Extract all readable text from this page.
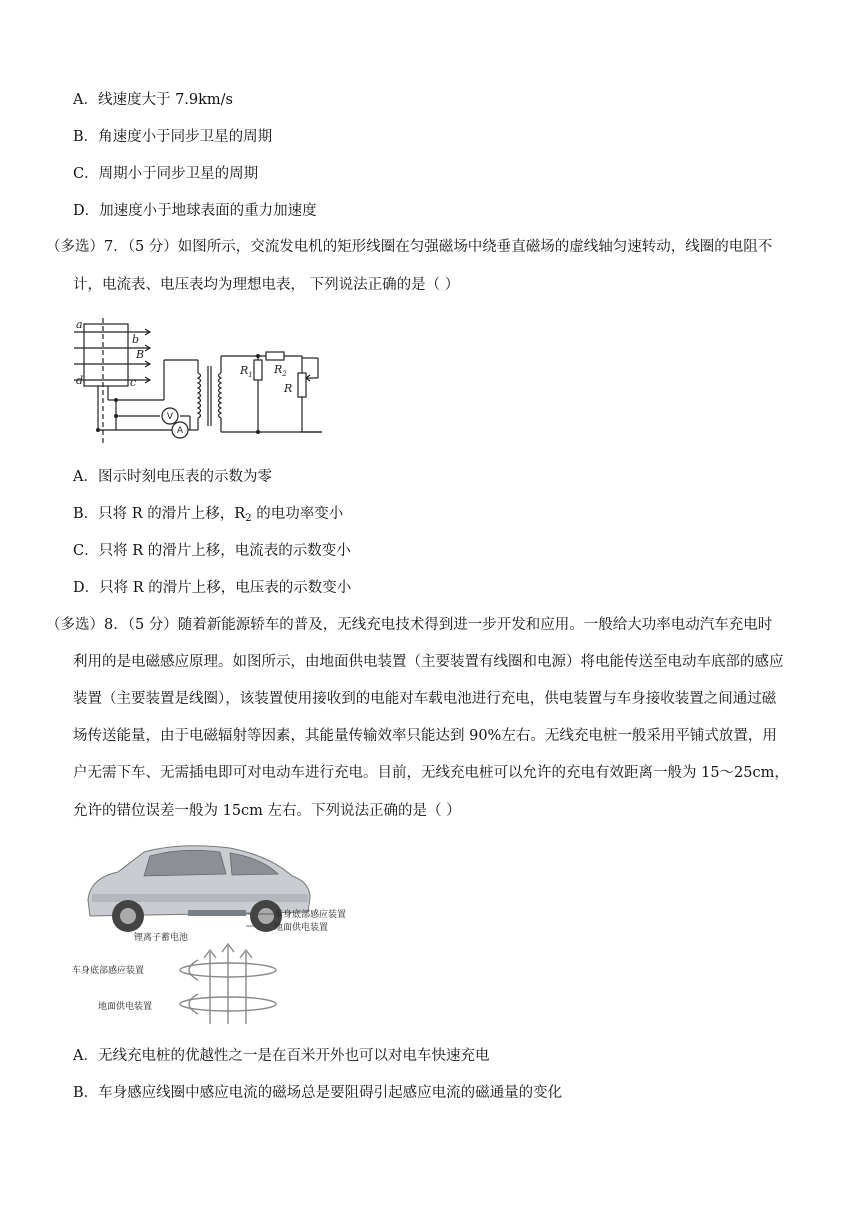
A．线速度大于 7.9km/s
B．角速度小于同步卫星的周期
C．周期小于同步卫星的周期
D．加速度小于地球表面的重力加速度
（多选）7．（5 分）如图所示，交流发电机的矩形线圈在匀强磁场中绕垂直磁场的虚线轴匀速转动，线圈的电阻不
计，电流表、电压表均为理想电表， 下列说法正确的是（ ）
a
b
B
c
d
$R_1$ $R_2$
R
V
A
A．图示时刻电压表的示数为零
B．只将 R 的滑片上移，$R_2$ 的电功率变小
C．只将 R 的滑片上移，电流表的示数变小
D．只将 R 的滑片上移，电压表的示数变小
（多选）8．（5 分）随着新能源轿车的普及，无线充电技术得到进一步开发和应用。一般给大功率电动汽车充电时
利用的是电磁感应原理。如图所示，由地面供电装置（主要装置有线圈和电源）将电能传送至电动车底部的感应
装置（主要装置是线圈），该装置使用接收到的电能对车载电池进行充电，供电装置与车身接收装置之间通过磁
场传送能量，由于电磁辐射等因素，其能量传输效率只能达到 90%左右。无线充电桩一般采用平铺式放置，用
户无需下车、无需插电即可对电动车进行充电。目前，无线充电桩可以允许的充电有效距离一般为 15～25cm，
允许的错位误差一般为 15cm 左右。下列说法正确的是（ ）
车身底部感应装置
地面供电装置
锂离子蓄电池
车身底部感应装置
地面供电装置
A．无线充电桩的优越性之一是在百米开外也可以对电车快速充电
B．车身感应线圈中感应电流的磁场总是要阻碍引起感应电流的磁通量的变化
